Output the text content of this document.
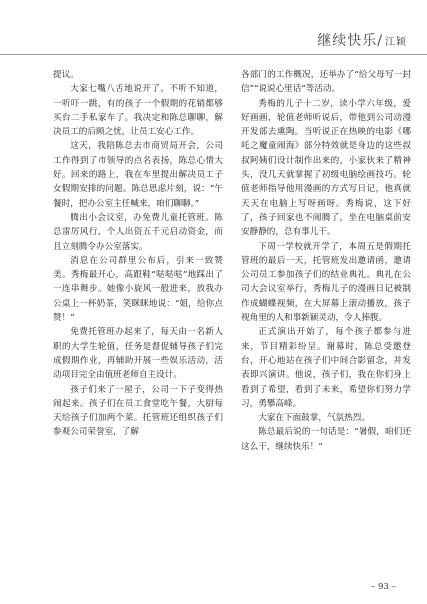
继续快乐/ 江颖

提议。

大家七嘴八舌地说开了。不听不知道，一听吓一跳，有的孩子一个假期的花销都够买台二手私家车了。我决定和陈总聊聊，解决员工的后顾之忧，让员工安心工作。

这天，我陪陈总去市商贸局开会，公司工作得到了市领导的点名表扬，陈总心情大好。回来的路上，我在车里提出解决员工子女假期安排的问题。陈总思虑片刻，说：“午餐时，把办公室主任喊来，咱们聊聊。”

腾出小会议室，办免费儿童托管班。陈总雷厉风行，个人出资五千元启动资金，而且立刻腾令办公室落实。

消息在公司群里公布后，引来一致赞美。秀梅最开心，高跟鞋“哒哒哒”地踩出了一连串舞步。她像小旋风一般进来，放我办公桌上一杯奶茶，笑眯眯地说：“姐，给你点赞！”

免费托管班办起来了，每天由一名新人职的大学生轮值，任务是督促辅导孩子们完成假期作业，再辅助开展一些娱乐活动，活动项目完全由值班老师自主设计。

孩子们来了一屋子，公司一下子变得热闹起来。孩子们在员工食堂吃午餐，大厨每天给孩子们加两个菜。托管班还组织孩子们参观公司荣誉室，了解

各部门的工作概况，还举办了“给父母写一封信”“说说心里话”等活动。

秀梅的儿子十二岁，读小学六年级，爱好画画，轮值老师听说后，带他到公司动漫开发部去熏陶。当听说正在热映的电影《哪吒之魔童闹海》部分特效就是身边的这些叔叔阿姨们设计制作出来的，小家伙来了精神头，没几天就掌握了初级电脑绘画技巧。轮值老师指导他用漫画的方式写日记，他真就天天在电脑上写呀画呀。秀梅说，这下好了，孩子回家也不闹腾了，坐在电脑桌前安安静静的，总有事儿干。

下周一学校就开学了，本周五是假期托管班的最后一天，托管班发出邀请函，邀请公司员工参加孩子们的结业典礼。典礼在公司大会议室举行，秀梅儿子的漫画日记被制作成蝴蝶视频，在大屏幕上滚动播放，孩子视角里的人和事新颖灵动，令人捧腹。

正式演出开始了，每个孩子都参与进来，节目精彩纷呈。谢幕时，陈总受邀登台，开心地站在孩子们中间合影留念，并发表即兴演讲。他说，孩子们，我在你们身上看到了希望，看到了未来，希望你们努力学习，勇攀高峰。

大家在下面鼓掌，气氛热烈。

陈总最后说的一句话是：“暑假，咱们还这么干，继续快乐！”

– 93 –
